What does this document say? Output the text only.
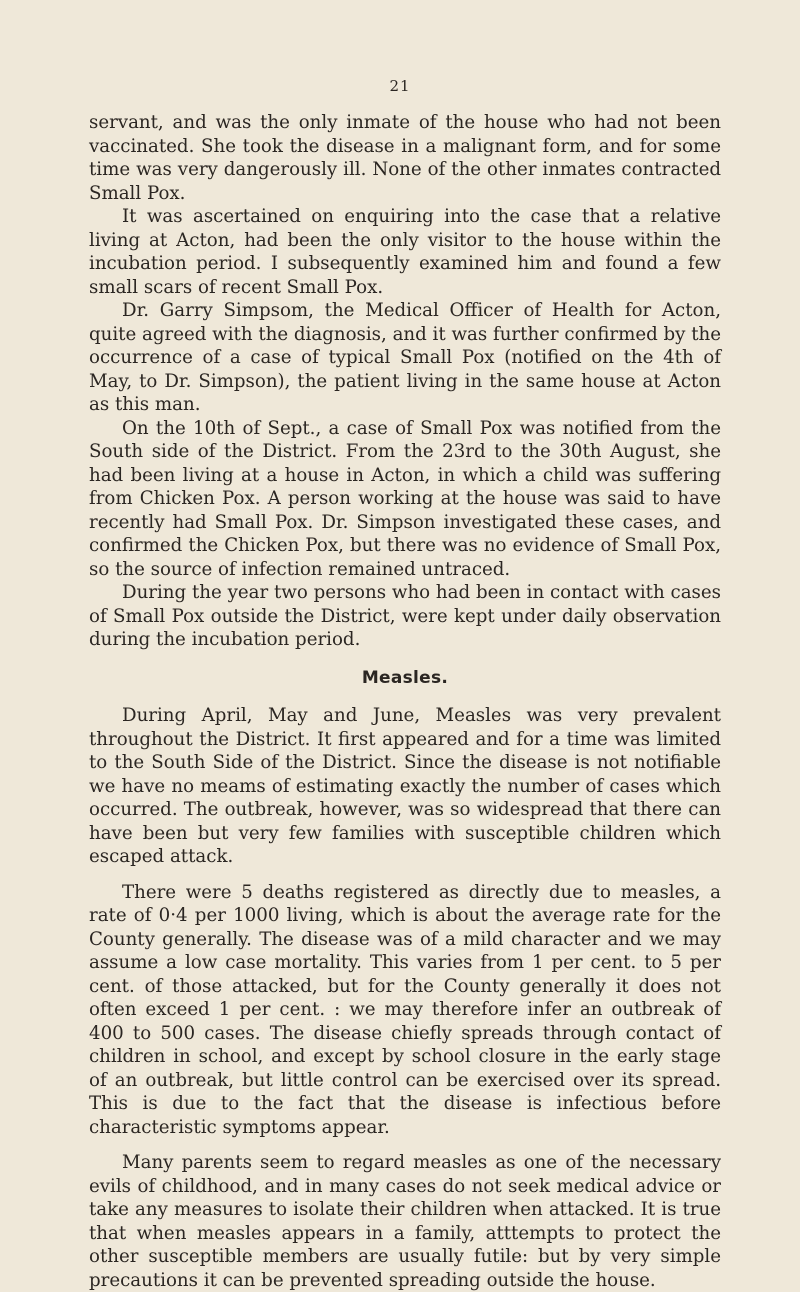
21

servant, and was the only inmate of the house who had not been vaccinated. She took the disease in a malignant form, and for some time was very dangerously ill. None of the other inmates contracted Small Pox.

It was ascertained on enquiring into the case that a relative living at Acton, had been the only visitor to the house within the incubation period. I subsequently examined him and found a few small scars of recent Small Pox.

Dr. Garry Simpsom, the Medical Officer of Health for Acton, quite agreed with the diagnosis, and it was further confirmed by the occurrence of a case of typical Small Pox (notified on the 4th of May, to Dr. Simpson), the patient living in the same house at Acton as this man.

On the 10th of Sept., a case of Small Pox was notified from the South side of the District. From the 23rd to the 30th August, she had been living at a house in Acton, in which a child was suffering from Chicken Pox. A person working at the house was said to have recently had Small Pox. Dr. Simpson investigated these cases, and confirmed the Chicken Pox, but there was no evidence of Small Pox, so the source of infection remained untraced.

During the year two persons who had been in contact with cases of Small Pox outside the District, were kept under daily observation during the incubation period.

Measles.

During April, May and June, Measles was very prevalent throughout the District. It first appeared and for a time was limited to the South Side of the District. Since the disease is not notifiable we have no meams of estimating exactly the number of cases which occurred. The outbreak, however, was so widespread that there can have been but very few families with susceptible children which escaped attack.

There were 5 deaths registered as directly due to measles, a rate of 0·4 per 1000 living, which is about the average rate for the County generally. The disease was of a mild character and we may assume a low case mortality. This varies from 1 per cent. to 5 per cent. of those attacked, but for the County generally it does not often exceed 1 per cent. : we may therefore infer an outbreak of 400 to 500 cases. The disease chiefly spreads through contact of children in school, and except by school closure in the early stage of an outbreak, but little control can be exercised over its spread. This is due to the fact that the disease is infectious before characteristic symptoms appear.

Many parents seem to regard measles as one of the necessary evils of childhood, and in many cases do not seek medical advice or take any measures to isolate their children when attacked. It is true that when measles appears in a family, atttempts to protect the other susceptible members are usually futile: but by very simple precautions it can be prevented spreading outside the house.
